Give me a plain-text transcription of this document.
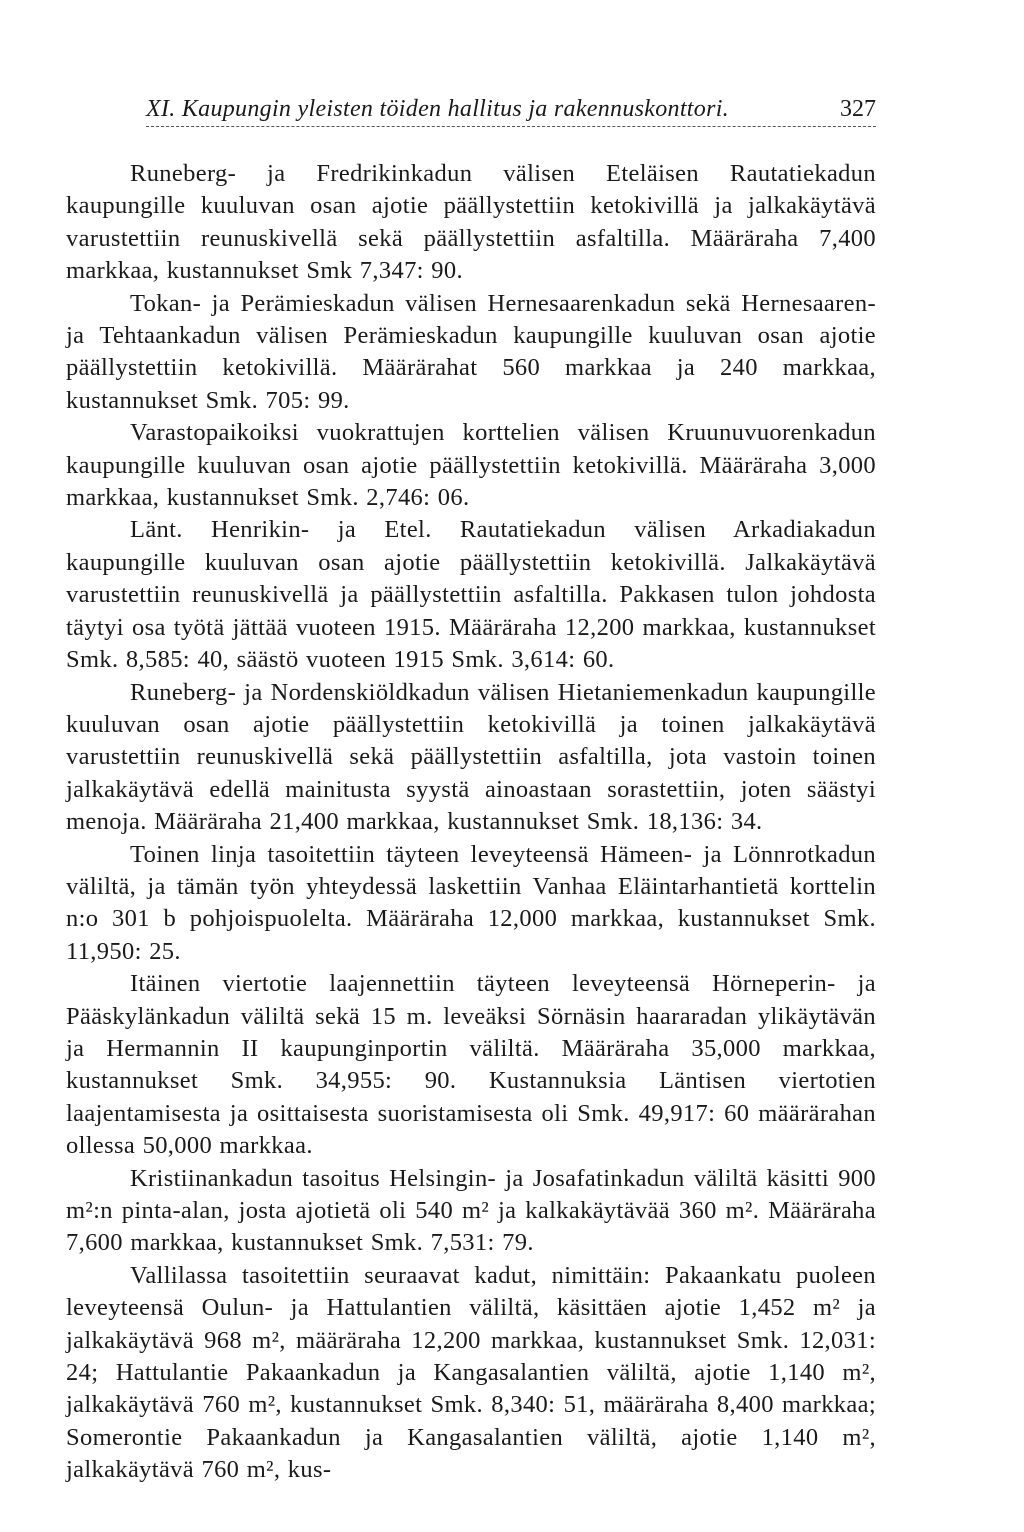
XI. Kaupungin yleisten töiden hallitus ja rakennuskonttori.	327

Runeberg- ja Fredrikinkadun välisen Eteläisen Rautatiekadun kaupungille kuuluvan osan ajotie päällystettiin ketokivillä ja jalkakäytävä varustettiin reunuskivellä sekä päällystettiin asfaltilla. Määräraha 7,400 markkaa, kustannukset Smk 7,347: 90.

Tokan- ja Perämieskadun välisen Hernesaarenkadun sekä Hernesaaren- ja Tehtaankadun välisen Perämieskadun kaupungille kuuluvan osan ajotie päällystettiin ketokivillä. Määrärahat 560 markkaa ja 240 markkaa, kustannukset Smk. 705: 99.

Varastopaikoiksi vuokrattujen korttelien välisen Kruunuvuorenkadun kaupungille kuuluvan osan ajotie päällystettiin ketokivillä. Määräraha 3,000 markkaa, kustannukset Smk. 2,746: 06.

Länt. Henrikin- ja Etel. Rautatiekadun välisen Arkadiakadun kaupungille kuuluvan osan ajotie päällystettiin ketokivillä. Jalkakäytävä varustettiin reunuskivellä ja päällystettiin asfaltilla. Pakkasen tulon johdosta täytyi osa työtä jättää vuoteen 1915. Määräraha 12,200 markkaa, kustannukset Smk. 8,585: 40, säästö vuoteen 1915 Smk. 3,614: 60.

Runeberg- ja Nordenskiöldkadun välisen Hietaniemenkadun kaupungille kuuluvan osan ajotie päällystettiin ketokivillä ja toinen jalkakäytävä varustettiin reunuskivellä sekä päällystettiin asfaltilla, jota vastoin toinen jalkakäytävä edellä mainitusta syystä ainoastaan sorastettiin, joten säästyi menoja. Määräraha 21,400 markkaa, kustannukset Smk. 18,136: 34.

Toinen linja tasoitettiin täyteen leveyteensä Hämeen- ja Lönnrotkadun väliltä, ja tämän työn yhteydessä laskettiin Vanhaa Eläintarhantietä korttelin n:o 301 b pohjoispuolelta. Määräraha 12,000 markkaa, kustannukset Smk. 11,950: 25.

Itäinen viertotie laajennettiin täyteen leveyteensä Hörneperin- ja Pääskylänkadun väliltä sekä 15 m. leveäksi Sörnäsin haararadan ylikäytävän ja Hermannin II kaupunginportin väliltä. Määräraha 35,000 markkaa, kustannukset Smk. 34,955: 90. Kustannuksia Läntisen viertotien laajentamisesta ja osittaisesta suoristamisesta oli Smk. 49,917: 60 määrärahan ollessa 50,000 markkaa.

Kristiinankadun tasoitus Helsingin- ja Josafatinkadun väliltä käsitti 900 m²:n pinta-alan, josta ajotietä oli 540 m² ja kalkakäytävää 360 m². Määräraha 7,600 markkaa, kustannukset Smk. 7,531: 79.

Vallilassa tasoitettiin seuraavat kadut, nimittäin: Pakaankatu puoleen leveyteensä Oulun- ja Hattulantien väliltä, käsittäen ajotie 1,452 m² ja jalkakäytävä 968 m², määräraha 12,200 markkaa, kustannukset Smk. 12,031: 24; Hattulantie Pakaankadun ja Kangasalantien väliltä, ajotie 1,140 m², jalkakäytävä 760 m², kustannukset Smk. 8,340: 51, määräraha 8,400 markkaa; Somerontie Pakaankadun ja Kangasalantien väliltä, ajotie 1,140 m², jalkakäytävä 760 m², kus-
